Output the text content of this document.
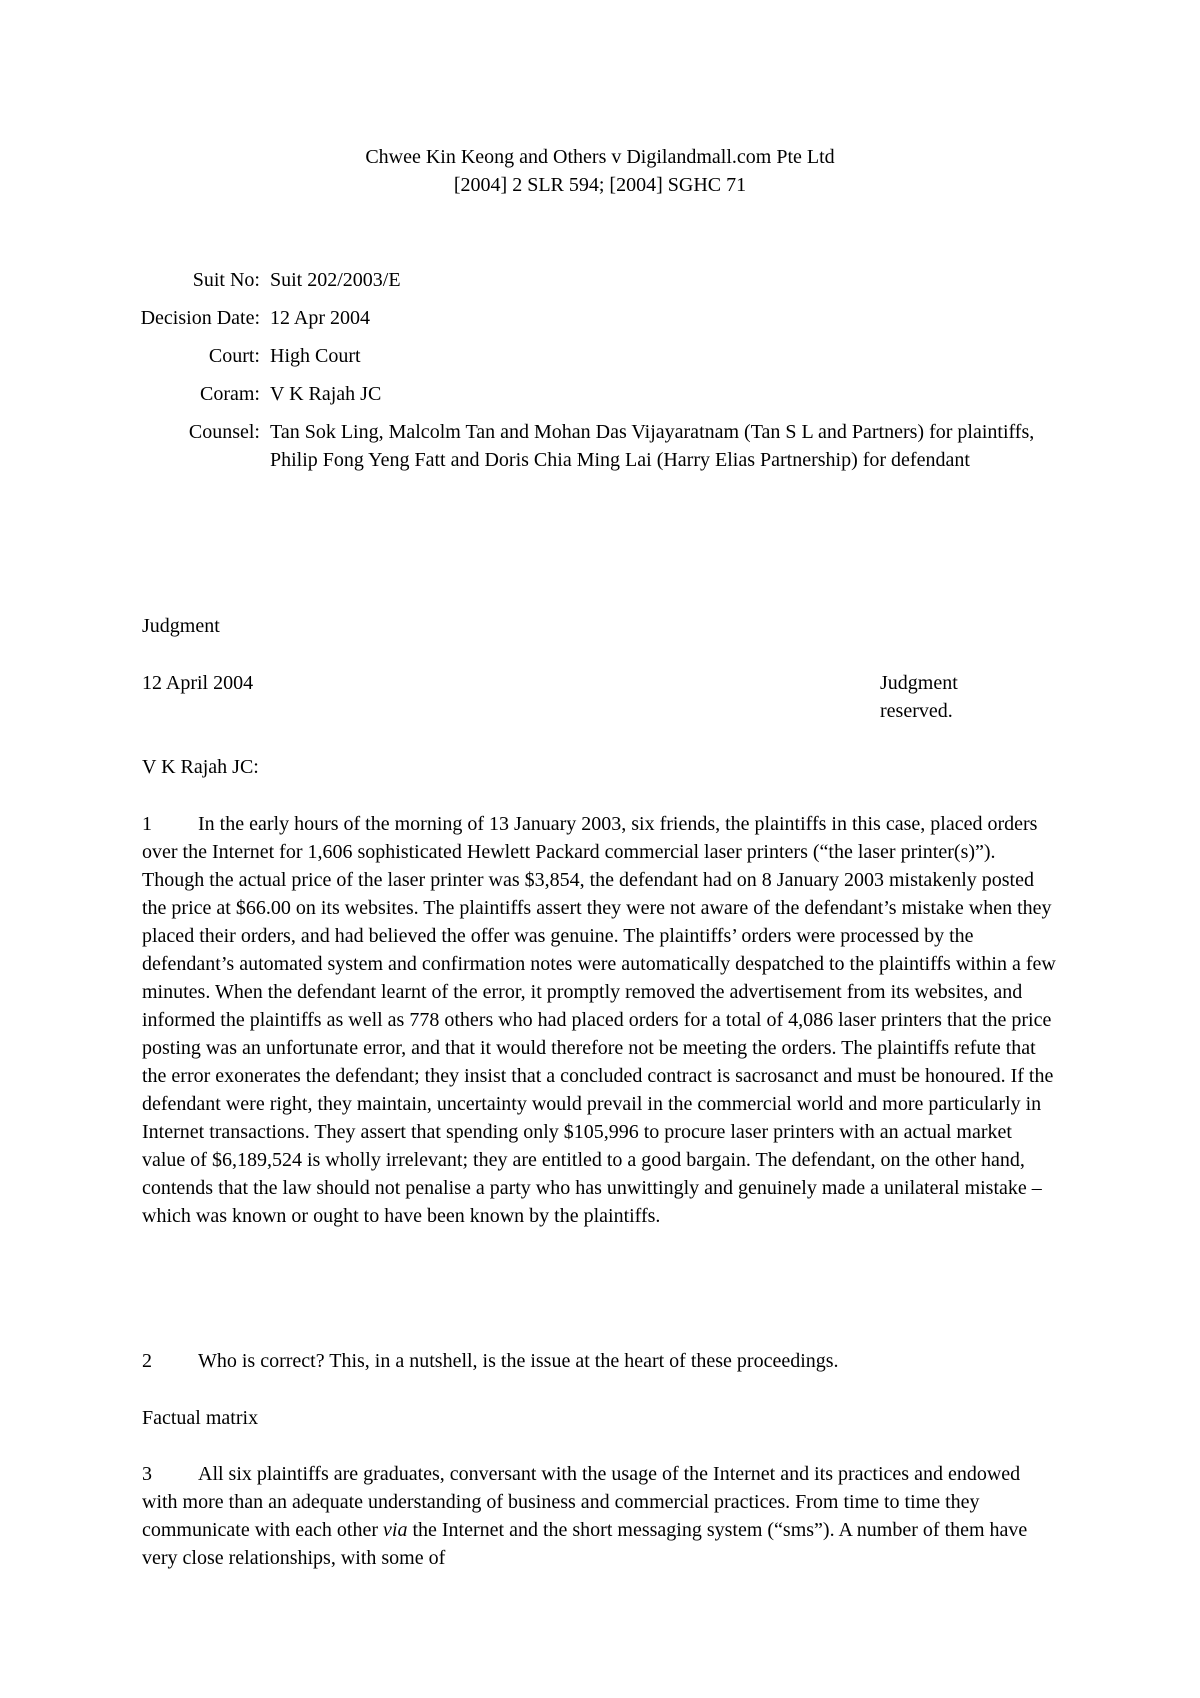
Chwee Kin Keong and Others v Digilandmall.com Pte Ltd
[2004] 2 SLR 594; [2004] SGHC 71
Suit No: Suit 202/2003/E
Decision Date: 12 Apr 2004
Court: High Court
Coram: V K Rajah JC
Counsel: Tan Sok Ling, Malcolm Tan and Mohan Das Vijayaratnam (Tan S L and Partners) for plaintiffs, Philip Fong Yeng Fatt and Doris Chia Ming Lai (Harry Elias Partnership) for defendant
Judgment
12 April 2004	Judgment reserved.
V K Rajah JC:
1 In the early hours of the morning of 13 January 2003, six friends, the plaintiffs in this case, placed orders over the Internet for 1,606 sophisticated Hewlett Packard commercial laser printers (“the laser printer(s)”). Though the actual price of the laser printer was $3,854, the defendant had on 8 January 2003 mistakenly posted the price at $66.00 on its websites. The plaintiffs assert they were not aware of the defendant’s mistake when they placed their orders, and had believed the offer was genuine. The plaintiffs’ orders were processed by the defendant’s automated system and confirmation notes were automatically despatched to the plaintiffs within a few minutes. When the defendant learnt of the error, it promptly removed the advertisement from its websites, and informed the plaintiffs as well as 778 others who had placed orders for a total of 4,086 laser printers that the price posting was an unfortunate error, and that it would therefore not be meeting the orders. The plaintiffs refute that the error exonerates the defendant; they insist that a concluded contract is sacrosanct and must be honoured. If the defendant were right, they maintain, uncertainty would prevail in the commercial world and more particularly in Internet transactions. They assert that spending only $105,996 to procure laser printers with an actual market value of $6,189,524 is wholly irrelevant; they are entitled to a good bargain. The defendant, on the other hand, contends that the law should not penalise a party who has unwittingly and genuinely made a unilateral mistake – which was known or ought to have been known by the plaintiffs.
2 Who is correct? This, in a nutshell, is the issue at the heart of these proceedings.
Factual matrix
3 All six plaintiffs are graduates, conversant with the usage of the Internet and its practices and endowed with more than an adequate understanding of business and commercial practices. From time to time they communicate with each other via the Internet and the short messaging system (“sms”). A number of them have very close relationships, with some of
